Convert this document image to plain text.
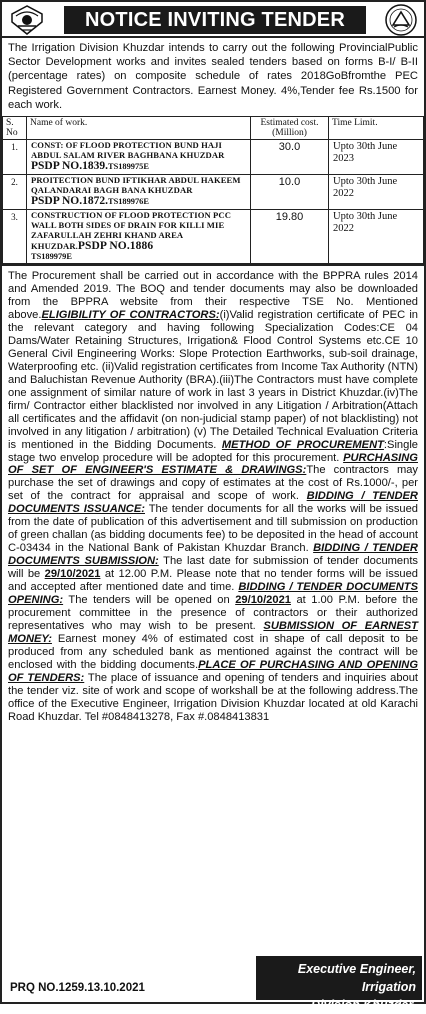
NOTICE INVITING TENDER

The Irrigation Division Khuzdar intends to carry out the following ProvincialPublic Sector Development works and invites sealed tenders based on forms B-I/ B-II (percentage rates) on composite schedule of rates 2018GoBfromthe PEC Registered Government Contractors. Earnest Money. 4%,Tender fee Rs.1500 for each work.

S. No	Name of work.	Estimated cost. (Million)	Time Limit.
1.	CONST: OF FLOOD PROTECTION BUND HAJI ABDUL SALAM RIVER BAGHBANA KHUZDAR
PSDP NO.1839.TS189975E	30.0	Upto 30th June 2023
2.	PROITECTION BUND IFTIKHAR ABDUL HAKEEM QALANDARAI BAGH BANA KHUZDAR
PSDP NO.1872.TS189976E	10.0	Upto 30th June 2022
3.	CONSTRUCTION OF FLOOD PROTECTION PCC WALL BOTH SIDES OF DRAIN FOR KILLI MIE ZAFARULLAH ZEHRI KHAND AREA KHUZDAR.PSDP NO.1886
TS189979E	19.80	Upto 30th June 2022

The Procurement shall be carried out in accordance with the BPPRA rules 2014 and Amended 2019. The BOQ and tender documents may also be downloaded from the BPPRA website from their respective TSE No. Mentioned above.ELIGIBILITY OF CONTRACTORS:(i)Valid registration certificate of PEC in the relevant category and having following Specialization Codes:CE 04 Dams/Water Retaining Structures, Irrigation& Flood Control Systems etc.CE 10 General Civil Engineering Works: Slope Protection Earthworks, sub-soil drainage, Waterproofing etc. (ii)Valid registration certificates from Income Tax Authority (NTN) and Baluchistan Revenue Authority (BRA).(iii)The Contractors must have complete one assignment of similar nature of work in last 3 years in District Khuzdar.(iv)The firm/ Contractor either blacklisted nor involved in any Litigation / Arbitration(Attach all certificates and the affidavit (on non-judicial stamp paper) of not blacklisting) not involved in any litigation / arbitration) (v) The Detailed Technical Evaluation Criteria is mentioned in the Bidding Documents. METHOD OF PROCUREMENT:Single stage two envelop procedure will be adopted for this procurement. PURCHASING OF SET OF ENGINEER'S ESTIMATE & DRAWINGS:The contractors may purchase the set of drawings and copy of estimates at the cost of Rs.1000/-, per set of the contract for appraisal and scope of work. BIDDING / TENDER DOCUMENTS ISSUANCE: The tender documents for all the works will be issued from the date of publication of this advertisement and till submission on production of green challan (as bidding documents fee) to be deposited in the head of account C-03434 in the National Bank of Pakistan Khuzdar Branch. BIDDING / TENDER DOCUMENTS SUBMISSION: The last date for submission of tender documents will be 29/10/2021 at 12.00 P.M. Please note that no tender forms will be issued and accepted after mentioned date and time. BIDDING / TENDER DOCUMENTS OPENING: The tenders will be opened on 29/10/2021 at 1.00 P.M. before the procurement committee in the presence of contractors or their authorized representatives who may wish to be present. SUBMISSION OF EARNEST MONEY: Earnest money 4% of estimated cost in shape of call deposit to be produced from any scheduled bank as mentioned against the contract will be enclosed with the bidding documents.PLACE OF PURCHASING AND OPENING OF TENDERS: The place of issuance and opening of tenders and inquiries about the tender viz. site of work and scope of workshall be at the following address.The office of the Executive Engineer, Irrigation Division Khuzdar located at old Karachi Road Khuzdar. Tel #0848413278, Fax #.0848413831

PRQ NO.1259.13.10.2021
Executive Engineer,
Irrigation Division,Khuzdar.
